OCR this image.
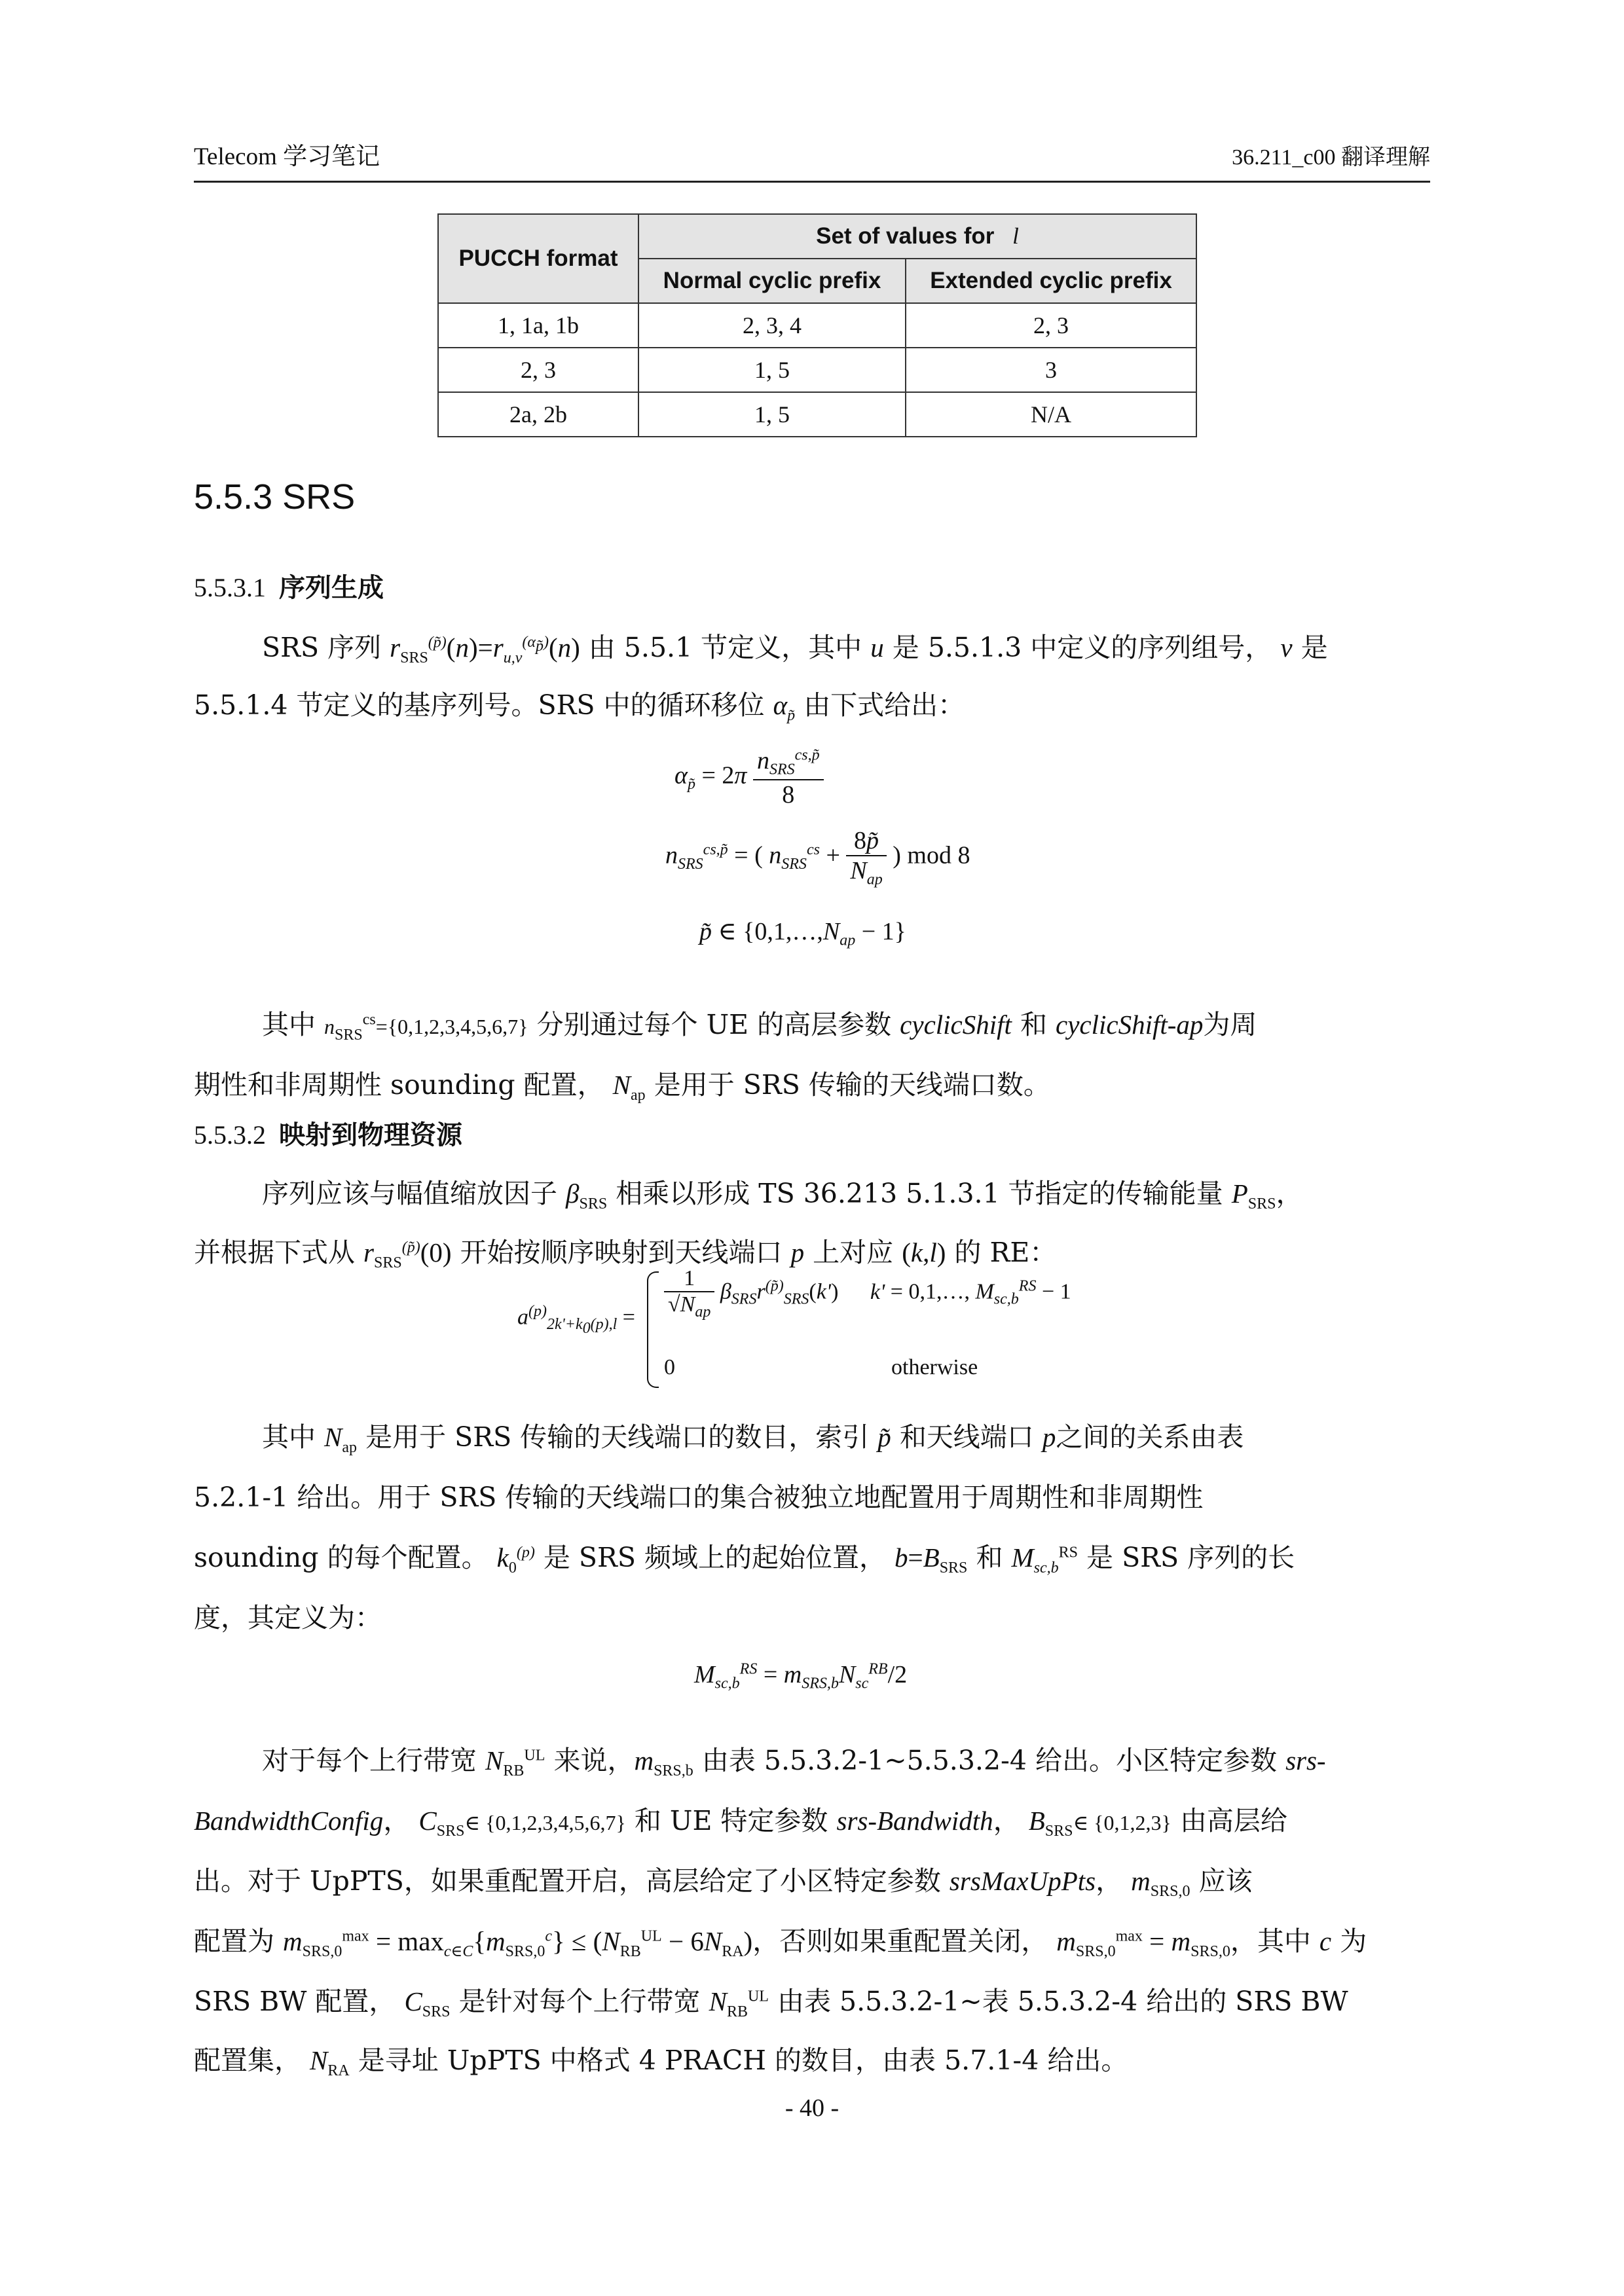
Telecom 学习笔记	36.211_c00 翻译理解
PUCCH format	Set of values for l	
	Normal cyclic prefix	Extended cyclic prefix
1, 1a, 1b	2, 3, 4	2, 3
2, 3	1, 5	3
2a, 2b	1, 5	N/A
5.5.3 SRS
5.5.3.1 序列生成
SRS 序列 $r_{SRS}^{(p̃)}(n)=r_{u,v}^{(\alpha_{p̃})}(n)$ 由 5.5.1 节定义，其中 u 是 5.5.1.3 中定义的序列组号， v 是
5.5.1.4 节定义的基序列号。SRS 中的循环移位 $\alpha_{p̃}$ 由下式给出：
$\alpha_{p̃} = 2\pi \frac{n_{SRS}^{cs,p̃}}{8}$
$n_{SRS}^{cs,p̃}$ = ( $n_{SRS}^{cs} + \frac{8p̃}{N_{ap}}$ ) mod 8
p̃ ∈ $\{0,1,\dots,N_{ap} - 1\}$
其中 $n_{SRS}^{cs}=\{0,1,2,3,4,5,6,7\}$ 分别通过每个 UE 的高层参数 cyclicShift 和 cyclicShift-ap为周
期性和非周期性 sounding 配置， $N_{ap}$ 是用于 SRS 传输的天线端口数。
5.5.3.2 映射到物理资源
序列应该与幅值缩放因子 $\beta_{SRS}$ 相乘以形成 TS 36.213 5.1.3.1 节指定的传输能量 $P_{SRS}$，
并根据下式从 $r_{SRS}^{(p̃)}(0)$ 开始按顺序映射到天线端口 p 上对应 (k,l) 的 RE：
$a^{(p)}_{2k'+k_0(p),l} = \frac{1}{√N_{ap}} \beta_{SRS}r^{(p̃)}_{SRS}(k') k'$ = 0,1,…, $M_{sc,b}^{RS} - 1$
0	otherwise
其中 $N_{ap}$ 是用于 SRS 传输的天线端口的数目，索引 p̃ 和天线端口 p之间的关系由表
5.2.1-1 给出。用于 SRS 传输的天线端口的集合被独立地配置用于周期性和非周期性
sounding 的每个配置。 $k_0^{(p)}$ 是 SRS 频域上的起始位置， $b=B_{SRS}$ 和 $M_{sc,b}^{RS}$ 是 SRS 序列的长
度，其定义为：
$M_{sc,b}^{RS} = m_{SRS,b}N_{sc}^{RB}/2$
对于每个上行带宽 $N_{RB}^{UL}$ 来说，$m_{SRS,b}$ 由表 5.5.3.2-1~5.5.3.2-4 给出。小区特定参数 srs-
BandwidthConfig， $C_{SRS}\in$ {0,1,2,3,4,5,6,7} 和 UE 特定参数 srs-Bandwidth， $B_{SRS}\in$ {0,1,2,3} 由高层给
出。对于 UpPTS，如果重配置开启，高层给定了小区特定参数 srsMaxUpPts， $m_{SRS,0}$ 应该
配置为 $m_{SRS,0}^{max} = \max_{c\in C}\{m_{SRS,0}^c\} \le (N_{RB}^{UL} - 6N_{RA})$，否则如果重配置关闭， $m_{SRS,0}^{max} = m_{SRS,0}$，其中 c 为
SRS BW 配置， $C_{SRS}$ 是针对每个上行带宽 $N_{RB}^{UL}$ 由表 5.5.3.2-1~表 5.5.3.2-4 给出的 SRS BW
配置集， $N_{RA}$ 是寻址 UpPTS 中格式 4 PRACH 的数目，由表 5.7.1-4 给出。
- 40 -
